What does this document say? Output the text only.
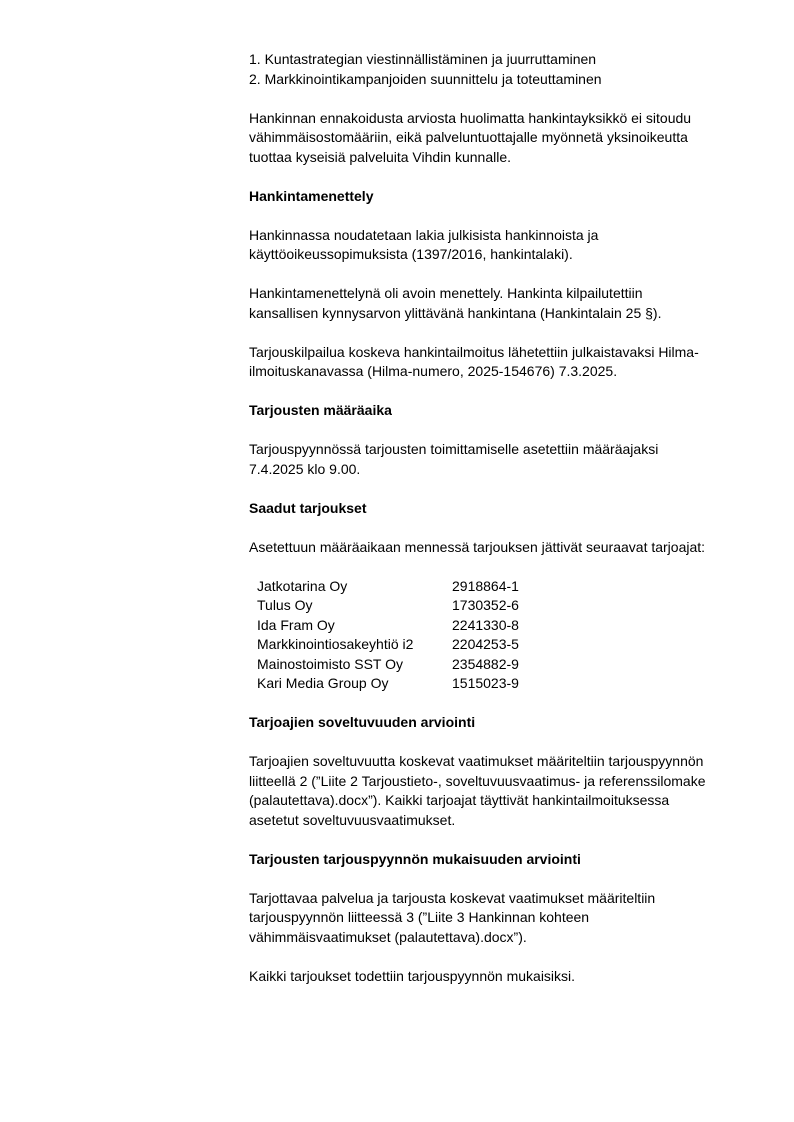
1. Kuntastrategian viestinnällistäminen ja juurruttaminen
2. Markkinointikampanjoiden suunnittelu ja toteuttaminen
Hankinnan ennakoidusta arviosta huolimatta hankintayksikkö ei sitoudu
vähimmäisostomääriin, eikä palveluntuottajalle myönnetä yksinoikeutta
tuottaa kyseisiä palveluita Vihdin kunnalle.
Hankintamenettely
Hankinnassa noudatetaan lakia julkisista hankinnoista ja
käyttöoikeussopimuksista (1397/2016, hankintalaki).
Hankintamenettelynä oli avoin menettely. Hankinta kilpailutettiin
kansallisen kynnysarvon ylittävänä hankintana (Hankintalain 25 §).
Tarjouskilpailua koskeva hankintailmoitus lähetettiin julkaistavaksi Hilma-
ilmoituskanavassa (Hilma-numero, 2025-154676) 7.3.2025.
Tarjousten määräaika
Tarjouspyynnössä tarjousten toimittamiselle asetettiin määräajaksi
7.4.2025 klo 9.00.
Saadut tarjoukset
Asetettuun määräaikaan mennessä tarjouksen jättivät seuraavat tarjoajat:
Jatkotarina Oy	2918864-1
Tulus Oy	1730352-6
Ida Fram Oy	2241330-8
Markkinointiosakeyhtiö i2	2204253-5
Mainostoimisto SST Oy	2354882-9
Kari Media Group Oy	1515023-9
Tarjoajien soveltuvuuden arviointi
Tarjoajien soveltuvuutta koskevat vaatimukset määriteltiin tarjouspyynnön
liitteellä 2 (”Liite 2 Tarjoustieto-, soveltuvuusvaatimus- ja referenssilomake
(palautettava).docx”). Kaikki tarjoajat täyttivät hankintailmoituksessa
asetetut soveltuvuusvaatimukset.
Tarjousten tarjouspyynnön mukaisuuden arviointi
Tarjottavaa palvelua ja tarjousta koskevat vaatimukset määriteltiin
tarjouspyynnön liitteessä 3 (”Liite 3 Hankinnan kohteen
vähimmäisvaatimukset (palautettava).docx”).
Kaikki tarjoukset todettiin tarjouspyynnön mukaisiksi.
